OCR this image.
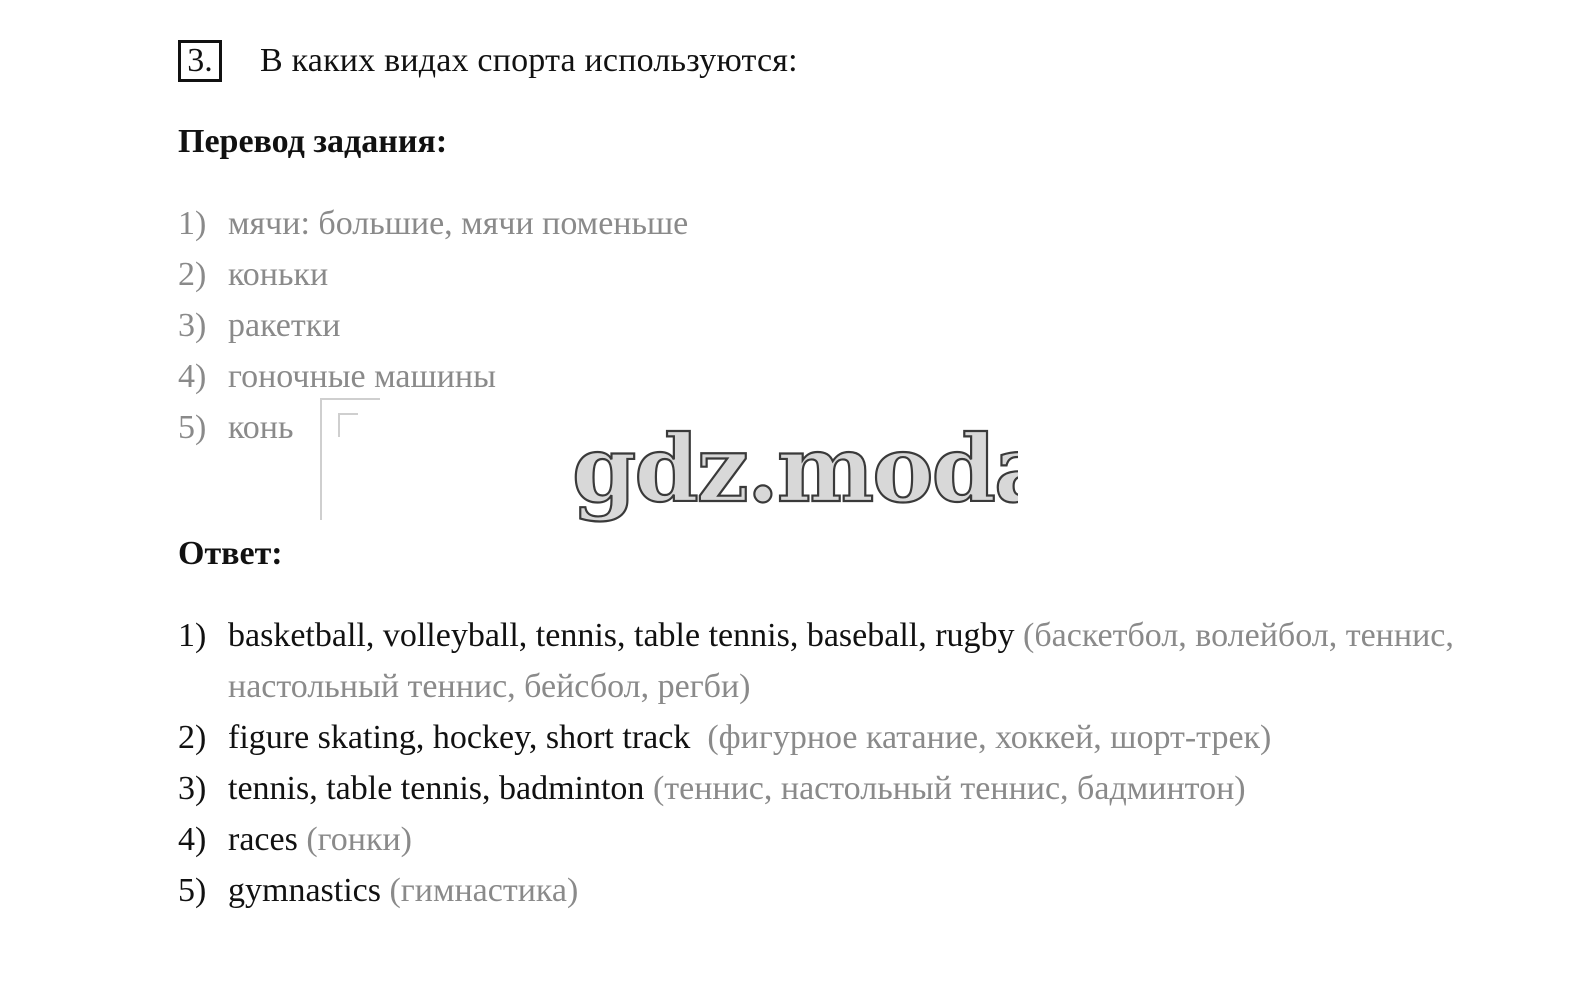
3. В каких видах спорта используются:
Перевод задания:
1) мячи: большие, мячи поменьше
2) коньки
3) ракетки
4) гоночные машины
5) конь	gdz.moda
Ответ:
1) basketball, volleyball, tennis, table tennis, baseball, rugby (баскетбол, волейбол, теннис, настольный теннис, бейсбол, регби)
2) figure skating, hockey, short track (фигурное катание, хоккей, шорт-трек)
3) tennis, table tennis, badminton (теннис, настольный теннис, бадминтон)
4) races (гонки)
5) gymnastics (гимнастика)
